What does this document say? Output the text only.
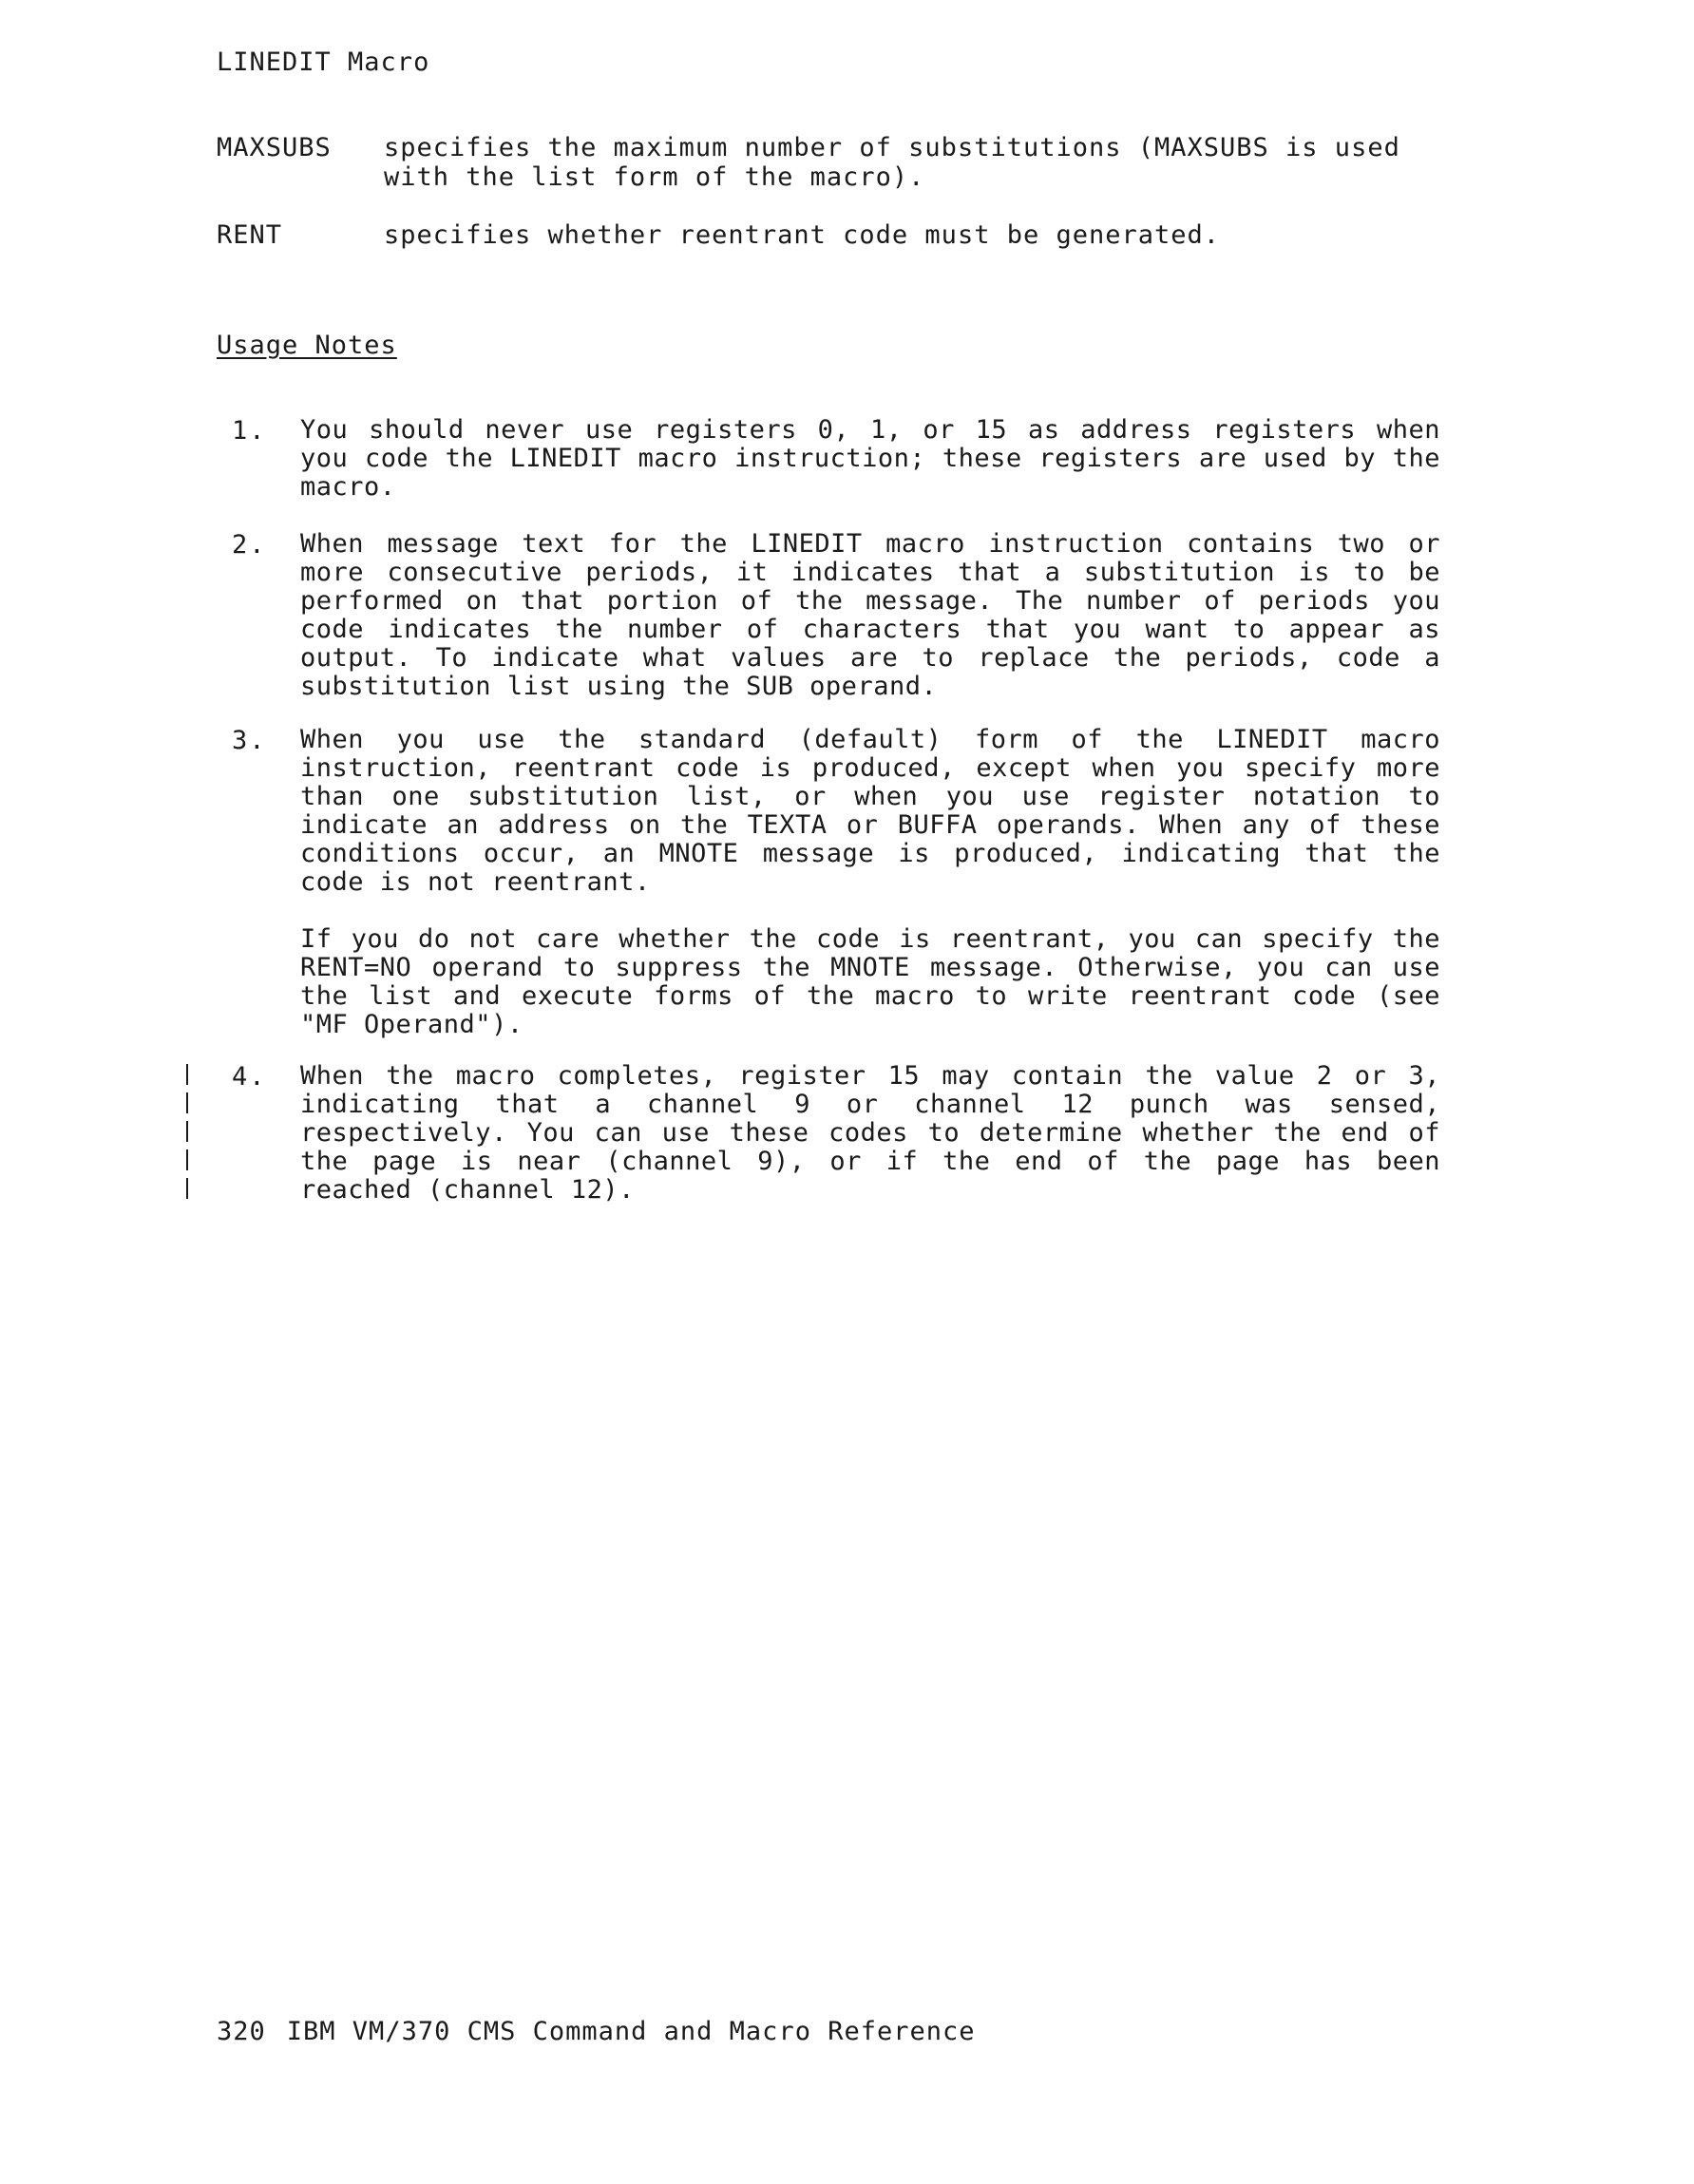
LINEDIT Macro
MAXSUBS specifies the maximum number of substitutions (MAXSUBS is used
with the list form of the macro).
RENT	specifies whether reentrant code must be generated.
Usage Notes
1. You should never use registers 0, 1, or 15 as address registers when you code the LINEDIT macro instruction; these registers are used by the macro.

2. When message text for the LINEDIT macro instruction contains two or more consecutive periods, it indicates that a substitution is to be performed on that portion of the message. The number of periods you code indicates the number of characters that you want to appear as output. To indicate what values are to replace the periods, code a substitution list using the SUB operand.

3. When you use the standard (default) form of the LINEDIT macro instruction, reentrant code is produced, except when you specify more than one substitution list, or when you use register notation to indicate an address on the TEXTA or BUFFA operands. When any of these conditions occur, an MNOTE message is produced, indicating that the code is not reentrant.

If you do not care whether the code is reentrant, you can specify the RENT=NO operand to suppress the MNOTE message. Otherwise, you can use the list and execute forms of the macro to write reentrant code (see "MF Operand").

4. When the macro completes, register 15 may contain the value 2 or 3, indicating that a channel 9 or channel 12 punch was sensed, respectively. You can use these codes to determine whether the end of the page is near (channel 9), or if the end of the page has been reached (channel 12).

320 IBM VM/370 CMS Command and Macro Reference
